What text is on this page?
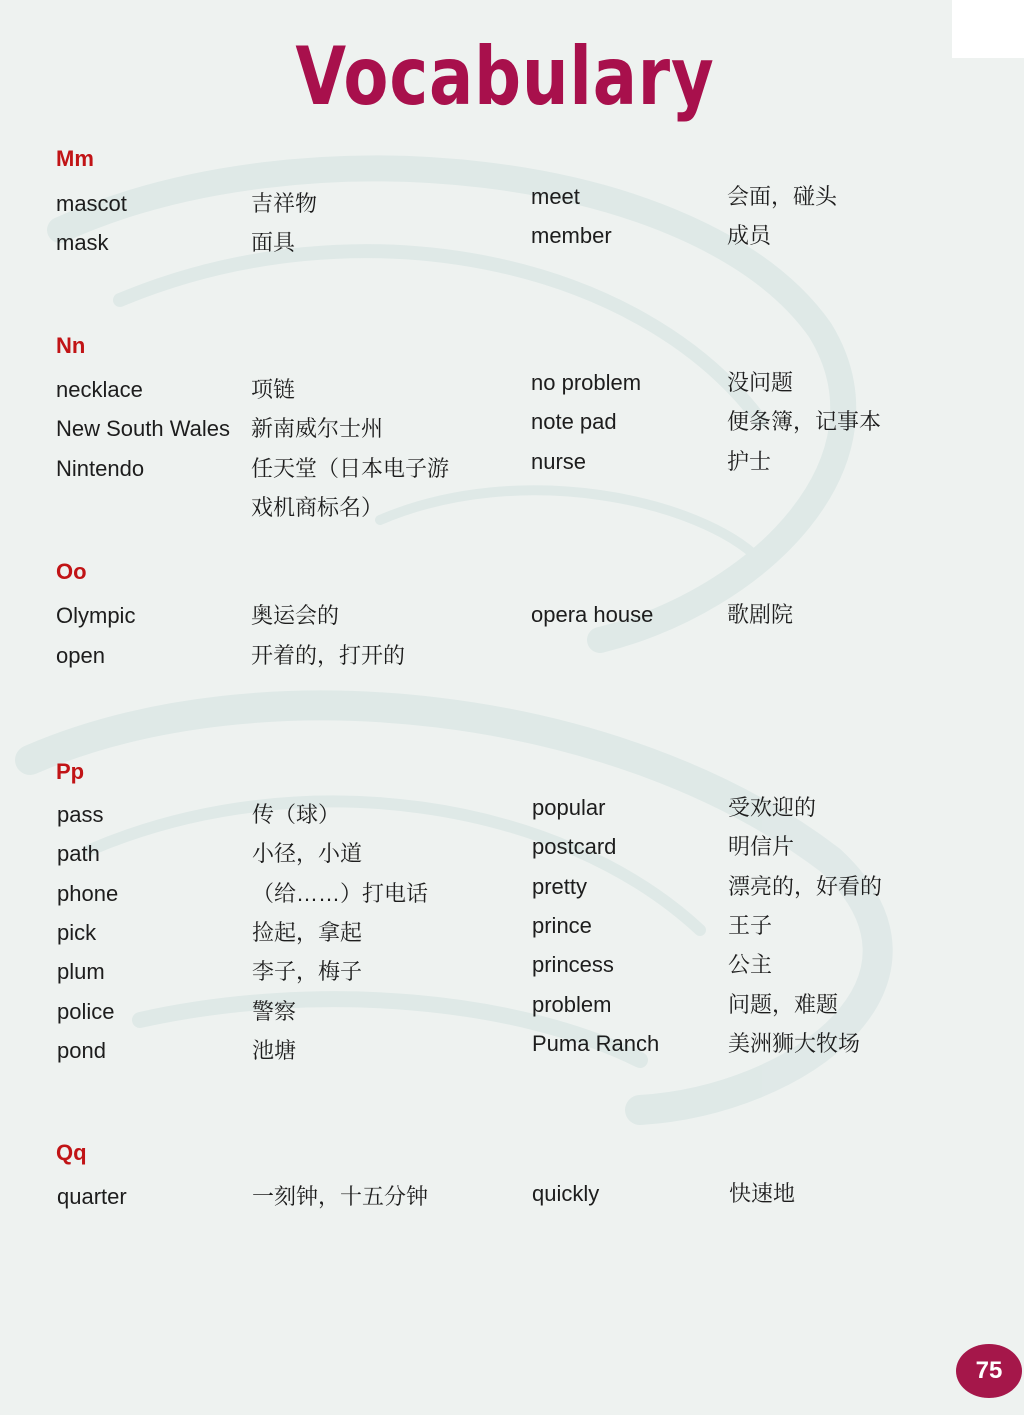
Vocabulary
Mm
mascot	吉祥物
mask	面具
meet	会面，碰头
member	成员
Nn
necklace	项链
New South Wales 新南威尔士州
Nintendo	任天堂（日本电子游戏机商标名）
no problem	没问题
note pad	便条簿，记事本
nurse	护士
Oo
Olympic	奥运会的
open	开着的，打开的
opera house	歌剧院
Pp
pass	传（球）
path	小径，小道
phone	（给……）打电话
pick	捡起，拿起
plum	李子，梅子
police	警察
pond	池塘
popular	受欢迎的
postcard	明信片
pretty	漂亮的，好看的
prince	王子
princess	公主
problem	问题，难题
Puma Ranch	美洲狮大牧场
Qq
quarter	一刻钟，十五分钟	quickly	快速地
75
